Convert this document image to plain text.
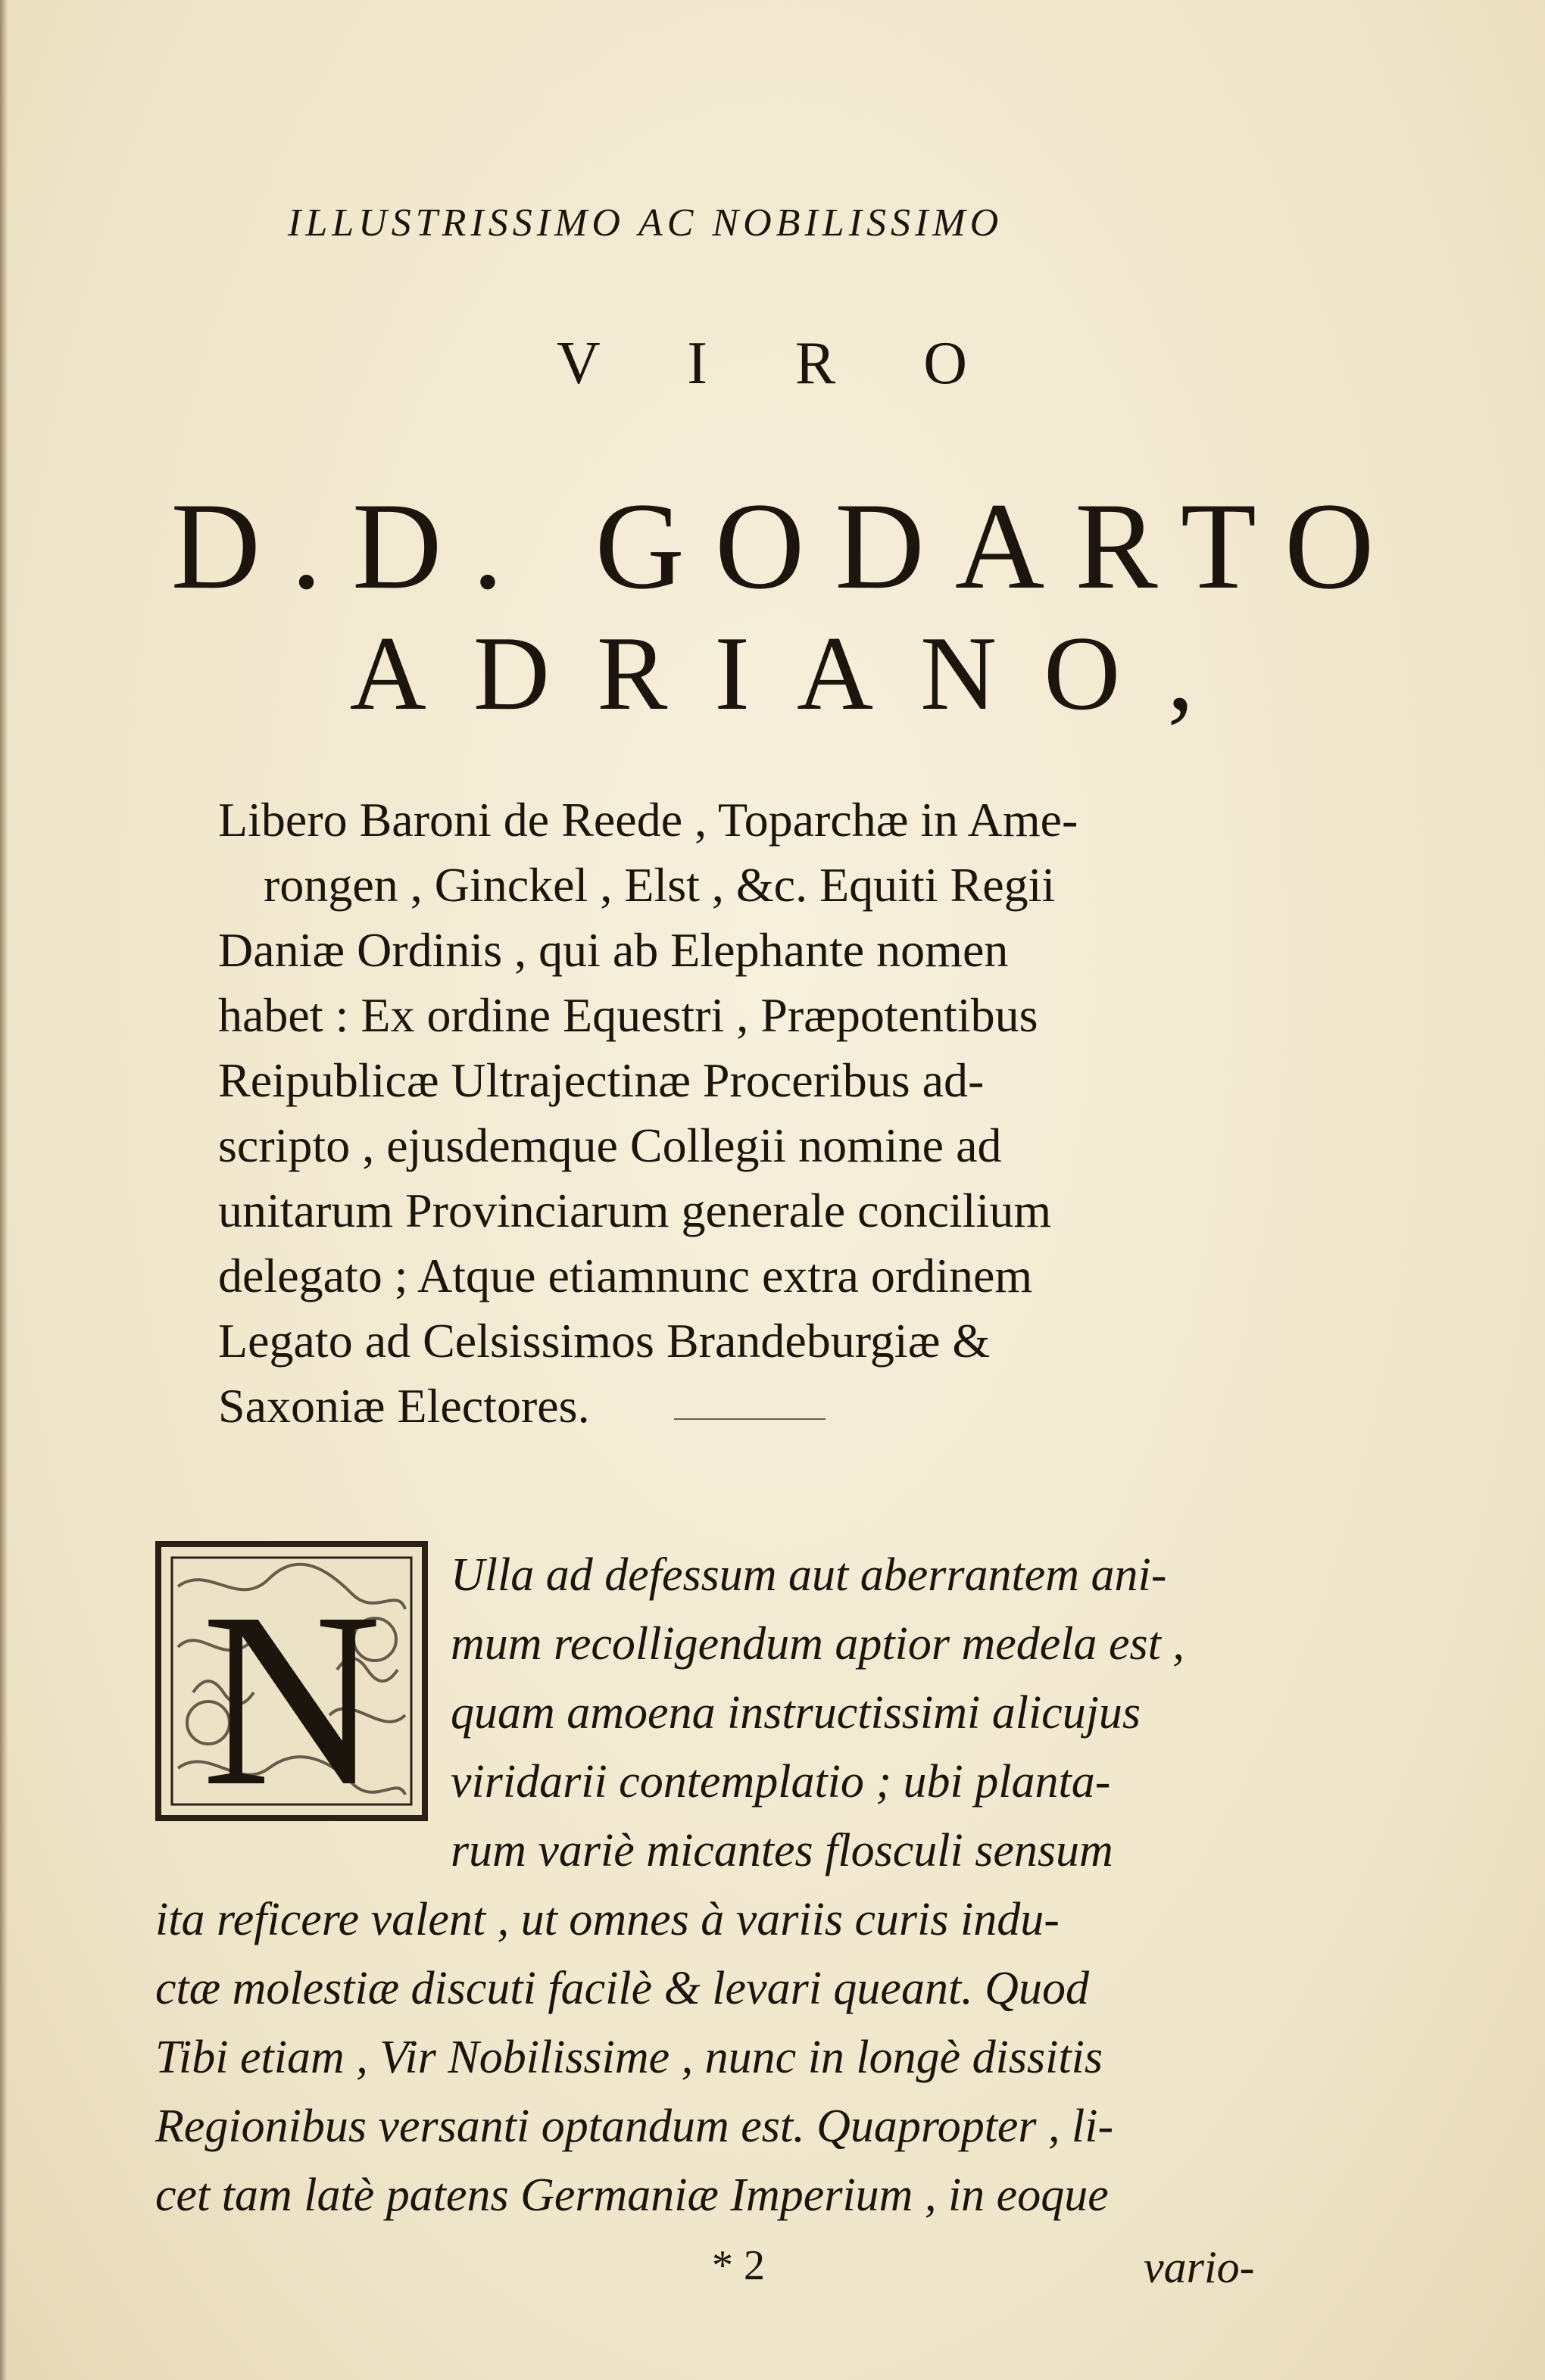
ILLUSTRISSIMO AC NOBILISSIMO
V I R O
D.D. GODARTO
ADRIANO,
Libero Baroni de Reede , Toparchæ in Ame-
rongen , Ginckel , Elst , &c. Equiti Regii
Daniæ Ordinis , qui ab Elephante nomen
habet : Ex ordine Equestri , Præpotentibus
Reipublicæ Ultrajectinæ Proceribus ad-
scripto , ejusdemque Collegii nomine ad
unitarum Provinciarum generale concilium
delegato ; Atque etiamnunc extra ordinem
Legato ad Celsissimos Brandeburgiæ &
Saxoniæ Electores.
N	Ulla ad defessum aut aberrantem ani-
mum recolligendum aptior medela est ,
quam amoena instructissimi alicujus
viridarii contemplatio ; ubi planta-
rum variè micantes flosculi sensum
ita reficere valent , ut omnes à variis curis indu-
ctæ molestiæ discuti facilè & levari queant. Quod
Tibi etiam , Vir Nobilissime , nunc in longè dissitis
Regionibus versanti optandum est. Quapropter , li-
cet tam latè patens Germaniæ Imperium , in eoque
* 2	vario-
